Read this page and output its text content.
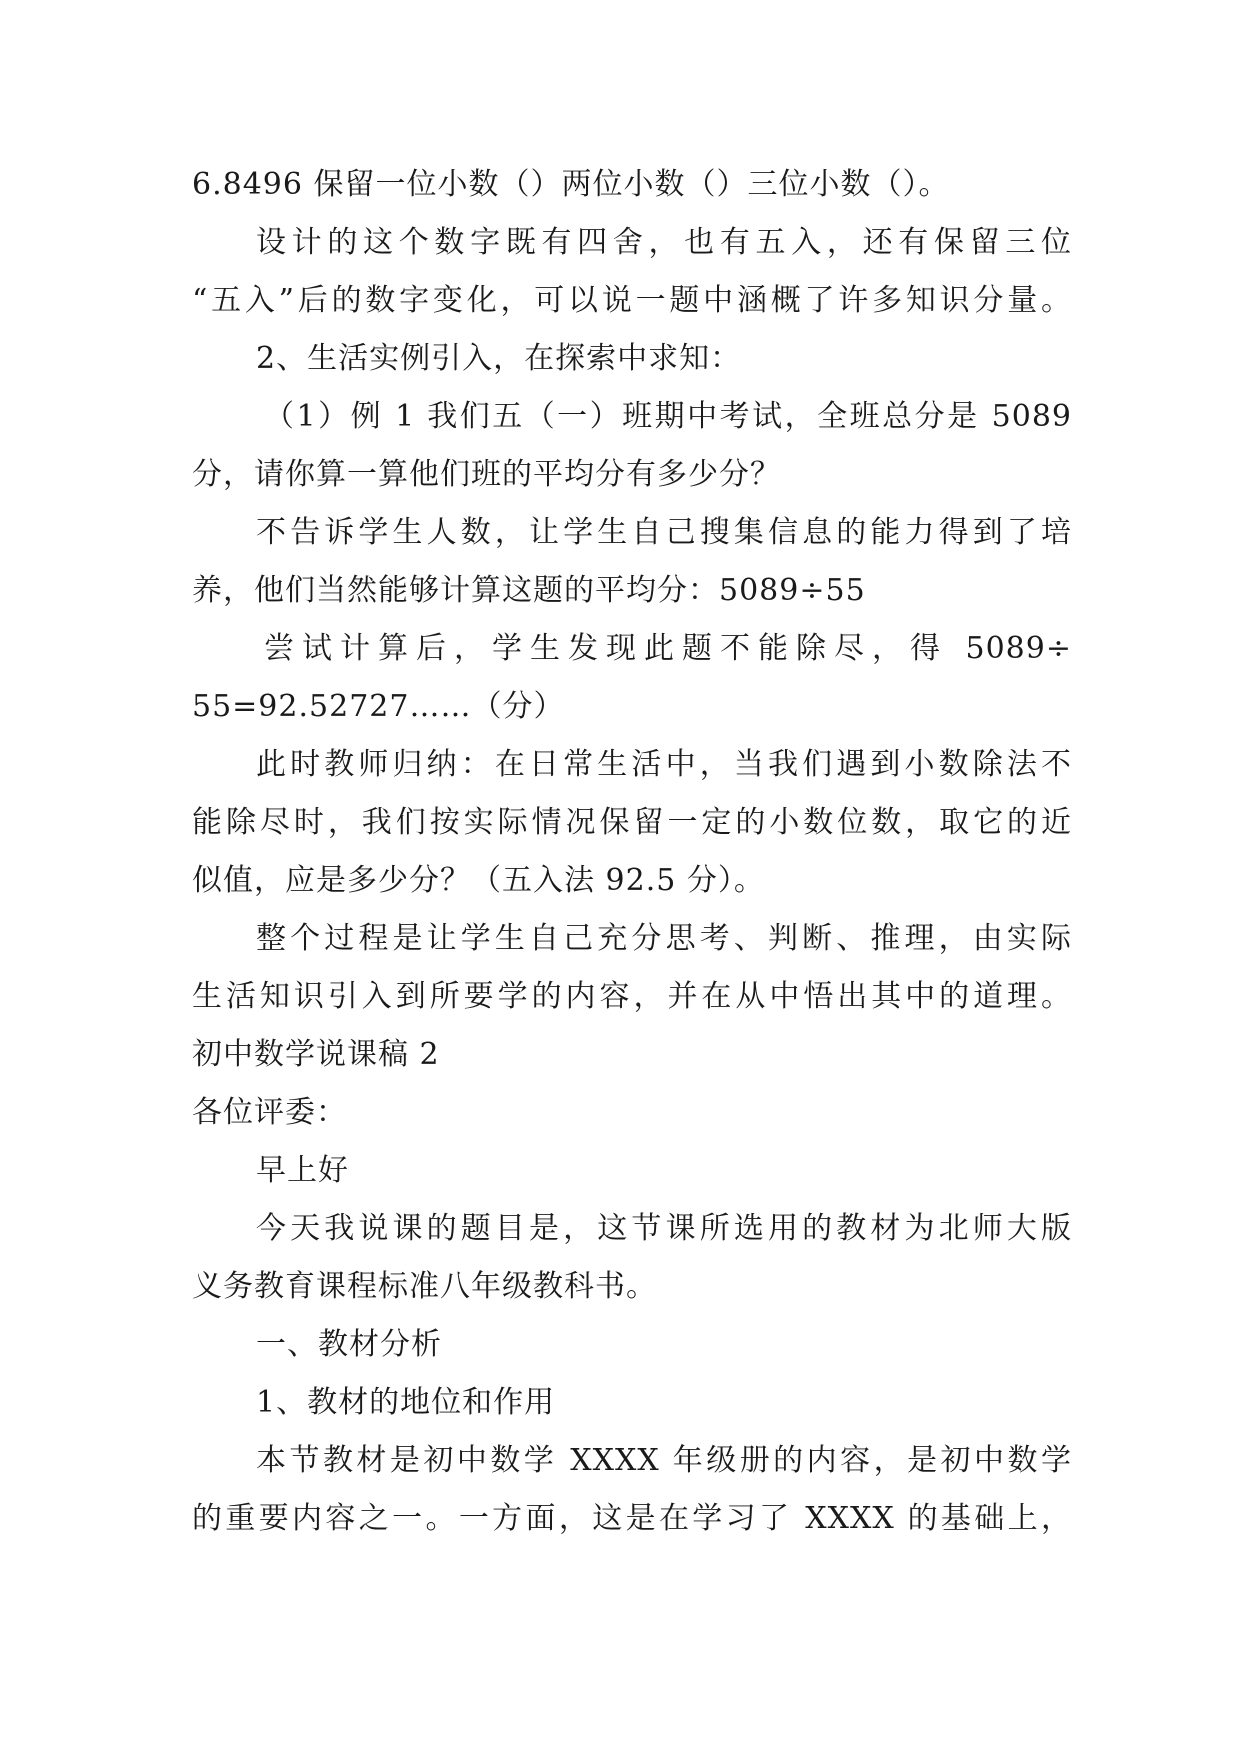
6.8496 保留一位小数（）两位小数（）三位小数（）。
设计的这个数字既有四舍，也有五入，还有保留三位
“五入”后的数字变化，可以说一题中涵概了许多知识分量。
2、生活实例引入，在探索中求知：
（1）例 1 我们五（一）班期中考试，全班总分是 5089
分，请你算一算他们班的平均分有多少分？
不告诉学生人数，让学生自己搜集信息的能力得到了培
养，他们当然能够计算这题的平均分：5089÷55
尝试计算后，学生发现此题不能除尽，得 5089÷
55=92.52727……（分）
此时教师归纳：在日常生活中，当我们遇到小数除法不
能除尽时，我们按实际情况保留一定的小数位数，取它的近
似值，应是多少分？（五入法 92.5 分）。
整个过程是让学生自己充分思考、判断、推理，由实际
生活知识引入到所要学的内容，并在从中悟出其中的道理。
初中数学说课稿 2
各位评委：
早上好
今天我说课的题目是，这节课所选用的教材为北师大版
义务教育课程标准八年级教科书。
一、教材分析
1、教材的地位和作用
本节教材是初中数学 XXXX 年级册的内容，是初中数学
的重要内容之一。一方面，这是在学习了 XXXX 的基础上，
